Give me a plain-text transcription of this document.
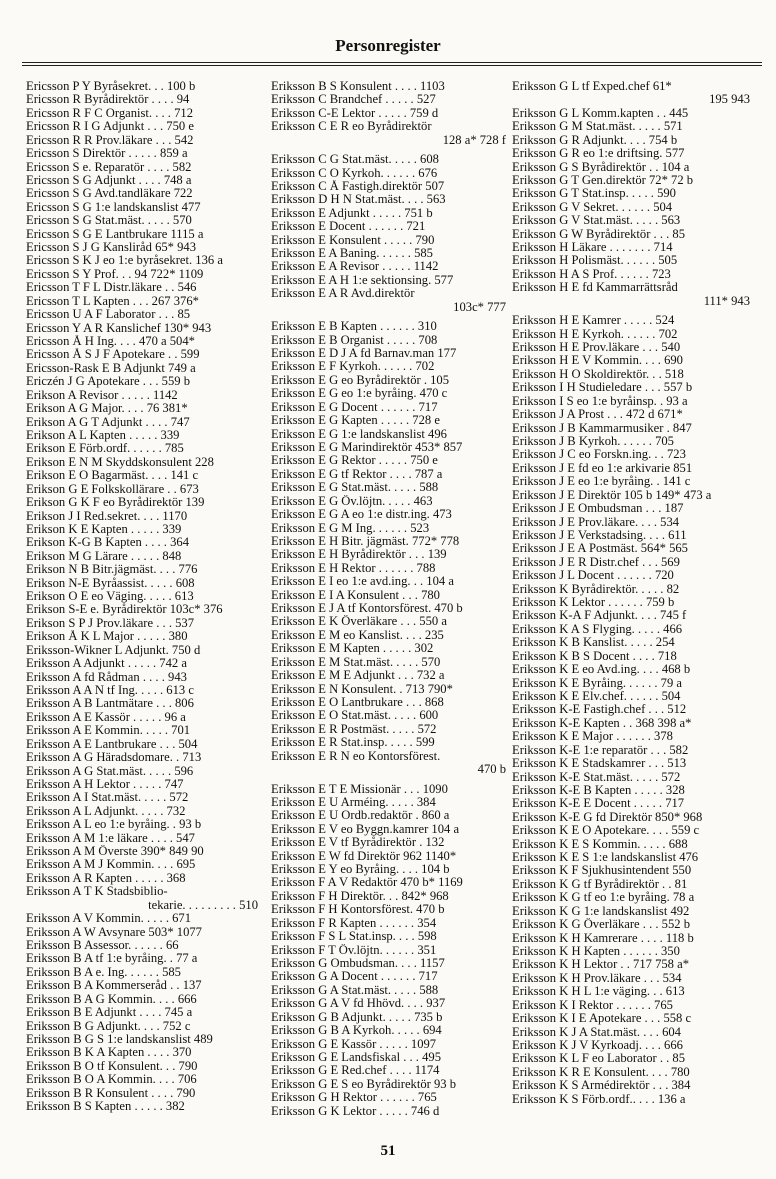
Personregister
Ericsson P Y Byråsekret. . . 100 b
Ericsson R Byrådirektör . . . . 94
Ericsson R F C Organist. . . . 712
Ericsson R I G Adjunkt . . . 750 e
Ericsson R R Prov.läkare . . . 542
Ericsson S Direktör . . . . . 859 a
Ericsson S e. Reparatör . . . . 582
Ericsson S G Adjunkt . . . . 748 a
Ericsson S G Avd.tandläkare 722
Ericsson S G 1:e landskanslist 477
Ericsson S G Stat.mäst. . . . . 570
Ericsson S G E Lantbrukare 1115 a
Ericsson S J G Kansliråd 65* 943
Ericsson S K J eo 1:e byråsekret. 136 a
Ericsson S Y Prof. . . 94 722* 1109
Ericsson T F L Distr.läkare . . 546
Ericsson T L Kapten . . . 267 376*
Ericsson U A F Laborator . . . 85
Ericsson Y A R Kanslichef 130* 943
Ericsson Å H Ing. . . . 470 a 504*
Ericsson Å S J F Apotekare . . 599
Ericsson-Rask E B Adjunkt 749 a
Ericzén J G Apotekare . . . 559 b
Erikson A Revisor . . . . . 1142
Erikson A G Major. . . . 76 381*
Erikson A G T Adjunkt . . . . 747
Erikson A L Kapten . . . . . 339
Erikson E Förb.ordf. . . . . . 785
Erikson E N M Skyddskonsulent 228
Erikson E O Bagarmäst. . . . 141 c
Erikson G E Folkskollärare . . 673
Erikson G K F eo Byrådirektör 139
Erikson J I Red.sekret. . . . 1170
Erikson K E Kapten . . . . . 339
Erikson K-G B Kapten . . . . 364
Erikson M G Lärare . . . . . 848
Erikson N B Bitr.jägmäst. . . . 776
Erikson N-E Byråassist. . . . . 608
Erikson O E eo Väging. . . . . 613
Erikson S-E e. Byrådirektör 103c* 376
Erikson S P J Prov.läkare . . . 537
Erikson Å K L Major . . . . . 380
Eriksson-Wikner L Adjunkt. 750 d
Eriksson A Adjunkt . . . . . 742 a
Eriksson A fd Rådman . . . . 943
Eriksson A A N tf Ing. . . . . 613 c
Eriksson A B Lantmätare . . . 806
Eriksson A E Kassör . . . . . 96 a
Eriksson A E Kommin. . . . . 701
Eriksson A E Lantbrukare . . . 504
Eriksson A G Häradsdomare. . 713
Eriksson A G Stat.mäst. . . . . 596
Eriksson A H Lektor . . . . . 747
Eriksson A I Stat.mäst. . . . . 572
Eriksson A L Adjunkt. . . . . 732
Eriksson A L eo 1:e byråing. . 93 b
Eriksson A M 1:e läkare . . . . 547
Eriksson A M Överste 390* 849 90
Eriksson A M J Kommin. . . . 695
Eriksson A R Kapten . . . . . 368
Eriksson A T K Stadsbiblio-
tekarie. . . . . . . . . 510
Eriksson A V Kommin. . . . . 671
Eriksson A W Avsynare 503* 1077
Eriksson B Assessor. . . . . . 66
Eriksson B A tf 1:e byråing. . 77 a
Eriksson B A e. Ing. . . . . . 585
Eriksson B A Kommerseråd . . 137
Eriksson B A G Kommin. . . . 666
Eriksson B E Adjunkt . . . . 745 a
Eriksson B G Adjunkt. . . . 752 c
Eriksson B G S 1:e landskanslist 489
Eriksson B K A Kapten . . . . 370
Eriksson B O tf Konsulent. . . 790
Eriksson B O A Kommin. . . . 706
Eriksson B R Konsulent . . . . 790
Eriksson B S Kapten . . . . . 382
Eriksson B S Konsulent . . . . 1103
Eriksson C Brandchef . . . . . 527
Eriksson C-E Lektor . . . . . 759 d
Eriksson C E R eo Byrådirektör
128 a* 728 f
Eriksson C G Stat.mäst. . . . . 608
Eriksson C O Kyrkoh. . . . . . 676
Eriksson C Å Fastigh.direktör 507
Eriksson D H N Stat.mäst. . . . 563
Eriksson E Adjunkt . . . . . 751 b
Eriksson E Docent . . . . . . 721
Eriksson E Konsulent . . . . . 790
Eriksson E A Baning. . . . . . 585
Eriksson E A Revisor . . . . . 1142
Eriksson E A H 1:e sektionsing. 577
Eriksson E A R Avd.direktör
103c* 777
Eriksson E B Kapten . . . . . . 310
Eriksson E B Organist . . . . . 708
Eriksson E D J A fd Barnav.man 177
Eriksson E F Kyrkoh. . . . . . 702
Eriksson E G eo Byrådirektör . 105
Eriksson E G eo 1:e byråing. 470 c
Eriksson E G Docent . . . . . . 717
Eriksson E G Kapten . . . . . 728 e
Eriksson E G 1:e landskanslist 496
Eriksson E G Marindirektör 453* 857
Eriksson E G Rektor . . . . . 750 e
Eriksson E G tf Rektor . . . . 787 a
Eriksson E G Stat.mäst. . . . . 588
Eriksson E G Öv.löjtn. . . . . 463
Eriksson E G A eo 1:e distr.ing. 473
Eriksson E G M Ing. . . . . . 523
Eriksson E H Bitr. jägmäst. 772* 778
Eriksson E H Byrådirektör . . . 139
Eriksson E H Rektor . . . . . . 788
Eriksson E I eo 1:e avd.ing. . . 104 a
Eriksson E I A Konsulent . . . 780
Eriksson E J A tf Kontorsförest. 470 b
Eriksson E K Överläkare . . . 550 a
Eriksson E M eo Kanslist. . . . 235
Eriksson E M Kapten . . . . . 302
Eriksson E M Stat.mäst. . . . . 570
Eriksson E M E Adjunkt . . . 732 a
Eriksson E N Konsulent. . 713 790*
Eriksson E O Lantbrukare . . . 868
Eriksson E O Stat.mäst. . . . . 600
Eriksson E R Postmäst. . . . . 572
Eriksson E R Stat.insp. . . . . 599
Eriksson E R N eo Kontorsförest.
470 b
Eriksson E T E Missionär . . . 1090
Eriksson E U Arméing. . . . . 384
Eriksson E U Ordb.redaktör . 860 a
Eriksson E V eo Byggn.kamrer 104 a
Eriksson E V tf Byrådirektör . 132
Eriksson E W fd Direktör 962 1140*
Eriksson E Y eo Byråing. . . . 104 b
Eriksson F A V Redaktör 470 b* 1169
Eriksson F H Direktör. . . 842* 968
Eriksson F H Kontorsförest. 470 b
Eriksson F R Kapten . . . . . . 354
Eriksson F S L Stat.insp. . . . 598
Eriksson F T Öv.löjtn. . . . . . 351
Eriksson G Ombudsman. . . . 1157
Eriksson G A Docent . . . . . . 717
Eriksson G A Stat.mäst. . . . . 588
Eriksson G A V fd Hhövd. . . . 937
Eriksson G B Adjunkt. . . . . 735 b
Eriksson G B A Kyrkoh. . . . . 694
Eriksson G E Kassör . . . . . 1097
Eriksson G E Landsfiskal . . . 495
Eriksson G E Red.chef . . . . 1174
Eriksson G E S eo Byrådirektör 93 b
Eriksson G H Rektor . . . . . . 765
Eriksson G K Lektor . . . . . 746 d
Eriksson G L tf Exped.chef 61*
195 943
Eriksson G L Komm.kapten . . 445
Eriksson G M Stat.mäst. . . . . 571
Eriksson G R Adjunkt. . . . 754 b
Eriksson G R eo 1:e driftsing. 577
Eriksson G S Byrådirektör . . 104 a
Eriksson G T Gen.direktör 72* 72 b
Eriksson G T Stat.insp. . . . . 590
Eriksson G V Sekret. . . . . . 504
Eriksson G V Stat.mäst. . . . . 563
Eriksson G W Byrådirektör . . . 85
Eriksson H Läkare . . . . . . . 714
Eriksson H Polismäst. . . . . . 505
Eriksson H A S Prof. . . . . . 723
Eriksson H E fd Kammarrättsråd
111* 943
Eriksson H E Kamrer . . . . . 524
Eriksson H E Kyrkoh. . . . . . 702
Eriksson H E Prov.läkare . . . 540
Eriksson H E V Kommin. . . . 690
Eriksson H O Skoldirektör. . . 518
Eriksson I H Studieledare . . . 557 b
Eriksson I S eo 1:e byråinsp. . 93 a
Eriksson J A Prost . . . 472 d 671*
Eriksson J B Kammarmusiker . 847
Eriksson J B Kyrkoh. . . . . . 705
Eriksson J C eo Forskn.ing. . . 723
Eriksson J E fd eo 1:e arkivarie 851
Eriksson J E eo 1:e byråing. . 141 c
Eriksson J E Direktör 105 b 149* 473 a
Eriksson J E Ombudsman . . . 187
Eriksson J E Prov.läkare. . . . 534
Eriksson J E Verkstadsing. . . . 611
Eriksson J E A Postmäst. 564* 565
Eriksson J E R Distr.chef . . . 569
Eriksson J L Docent . . . . . . 720
Eriksson K Byrådirektör. . . . . 82
Eriksson K Lektor . . . . . . 759 b
Eriksson K-A F Adjunkt. . . . 745 f
Eriksson K A S Flyging. . . . . 466
Eriksson K B Kanslist. . . . . 254
Eriksson K B S Docent . . . . 718
Eriksson K E eo Avd.ing. . . . 468 b
Eriksson K E Byråing. . . . . . 79 a
Eriksson K E Elv.chef. . . . . . 504
Eriksson K-E Fastigh.chef . . . 512
Eriksson K-E Kapten . . 368 398 a*
Eriksson K E Major . . . . . . 378
Eriksson K-E 1:e reparatör . . . 582
Eriksson K E Stadskamrer . . . 513
Eriksson K-E Stat.mäst. . . . . 572
Eriksson K-E B Kapten . . . . . 328
Eriksson K-E E Docent . . . . . 717
Eriksson K-E G fd Direktör 850* 968
Eriksson K E O Apotekare. . . . 559 c
Eriksson K E S Kommin. . . . . 688
Eriksson K E S 1:e landskanslist 476
Eriksson K F Sjukhusintendent 550
Eriksson K G tf Byrådirektör . . 81
Eriksson K G tf eo 1:e byråing. 78 a
Eriksson K G 1:e landskanslist 492
Eriksson K G Överläkare . . . 552 b
Eriksson K H Kamrerare . . . . 118 b
Eriksson K H Kapten . . . . . . 350
Eriksson K H Lektor . . 717 758 a*
Eriksson K H Prov.läkare . . . 534
Eriksson K H L 1:e väging. . . 613
Eriksson K I Rektor . . . . . . 765
Eriksson K I E Apotekare . . . 558 c
Eriksson K J A Stat.mäst. . . . 604
Eriksson K J V Kyrkoadj. . . . 666
Eriksson K L F eo Laborator . . 85
Eriksson K R E Konsulent. . . . 780
Eriksson K S Armédirektör . . . 384
Eriksson K S Förb.ordf.. . . . 136 a
51
